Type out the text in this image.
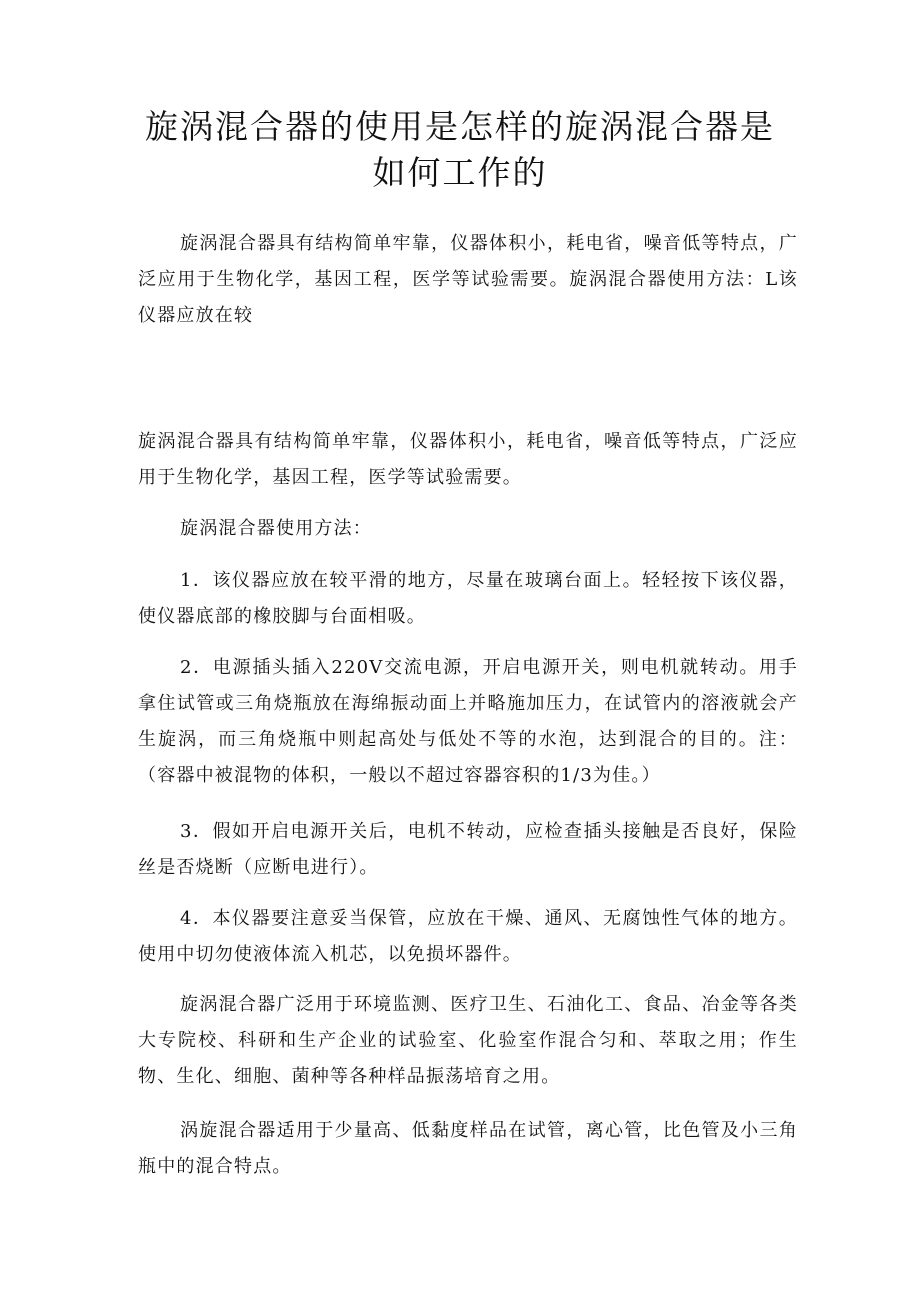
旋涡混合器的使用是怎样的旋涡混合器是如何工作的

旋涡混合器具有结构简单牢靠，仪器体积小，耗电省，噪音低等特点，广泛应用于生物化学，基因工程，医学等试验需要。旋涡混合器使用方法：L该仪器应放在较

旋涡混合器具有结构简单牢靠，仪器体积小，耗电省，噪音低等特点，广泛应用于生物化学，基因工程，医学等试验需要。

旋涡混合器使用方法：

1．该仪器应放在较平滑的地方，尽量在玻璃台面上。轻轻按下该仪器，使仪器底部的橡胶脚与台面相吸。

2．电源插头插入220V交流电源，开启电源开关，则电机就转动。用手拿住试管或三角烧瓶放在海绵振动面上并略施加压力，在试管内的溶液就会产生旋涡，而三角烧瓶中则起高处与低处不等的水泡，达到混合的目的。注：（容器中被混物的体积，一般以不超过容器容积的1/3为佳。）

3．假如开启电源开关后，电机不转动，应检查插头接触是否良好，保险丝是否烧断（应断电进行）。

4．本仪器要注意妥当保管，应放在干燥、通风、无腐蚀性气体的地方。使用中切勿使液体流入机芯，以免损坏器件。

旋涡混合器广泛用于环境监测、医疗卫生、石油化工、食品、冶金等各类大专院校、科研和生产企业的试验室、化验室作混合匀和、萃取之用；作生物、生化、细胞、菌种等各种样品振荡培育之用。

涡旋混合器适用于少量高、低黏度样品在试管，离心管，比色管及小三角瓶中的混合特点。
